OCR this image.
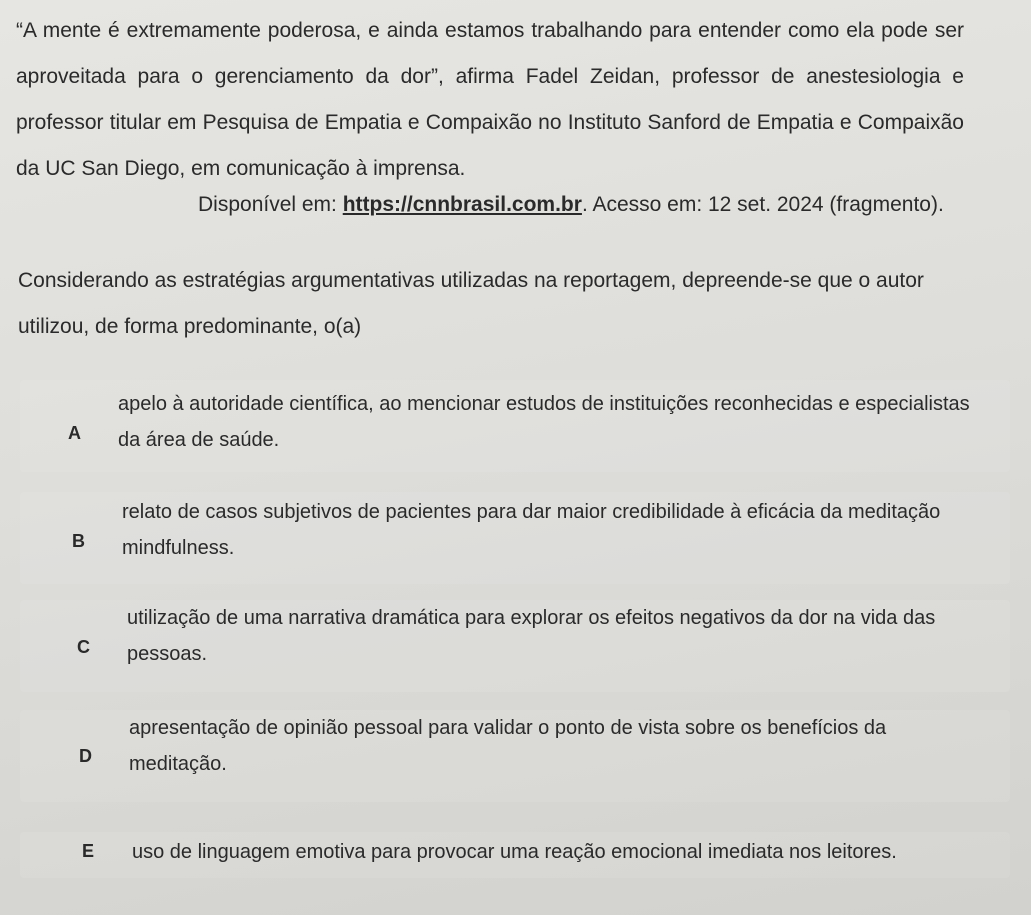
“A mente é extremamente poderosa, e ainda estamos trabalhando para entender como ela pode ser aproveitada para o gerenciamento da dor”, afirma Fadel Zeidan, professor de anestesiologia e professor titular em Pesquisa de Empatia e Compaixão no Instituto Sanford de Empatia e Compaixão da UC San Diego, em comunicação à imprensa.
Disponível em: https://cnnbrasil.com.br. Acesso em: 12 set. 2024 (fragmento).
Considerando as estratégias argumentativas utilizadas na reportagem, depreende-se que o autor utilizou, de forma predominante, o(a)
A
apelo à autoridade científica, ao mencionar estudos de instituições reconhecidas e especialistas da área de saúde.
B
relato de casos subjetivos de pacientes para dar maior credibilidade à eficácia da meditação mindfulness.
C
utilização de uma narrativa dramática para explorar os efeitos negativos da dor na vida das pessoas.
D
apresentação de opinião pessoal para validar o ponto de vista sobre os benefícios da meditação.
E uso de linguagem emotiva para provocar uma reação emocional imediata nos leitores.
